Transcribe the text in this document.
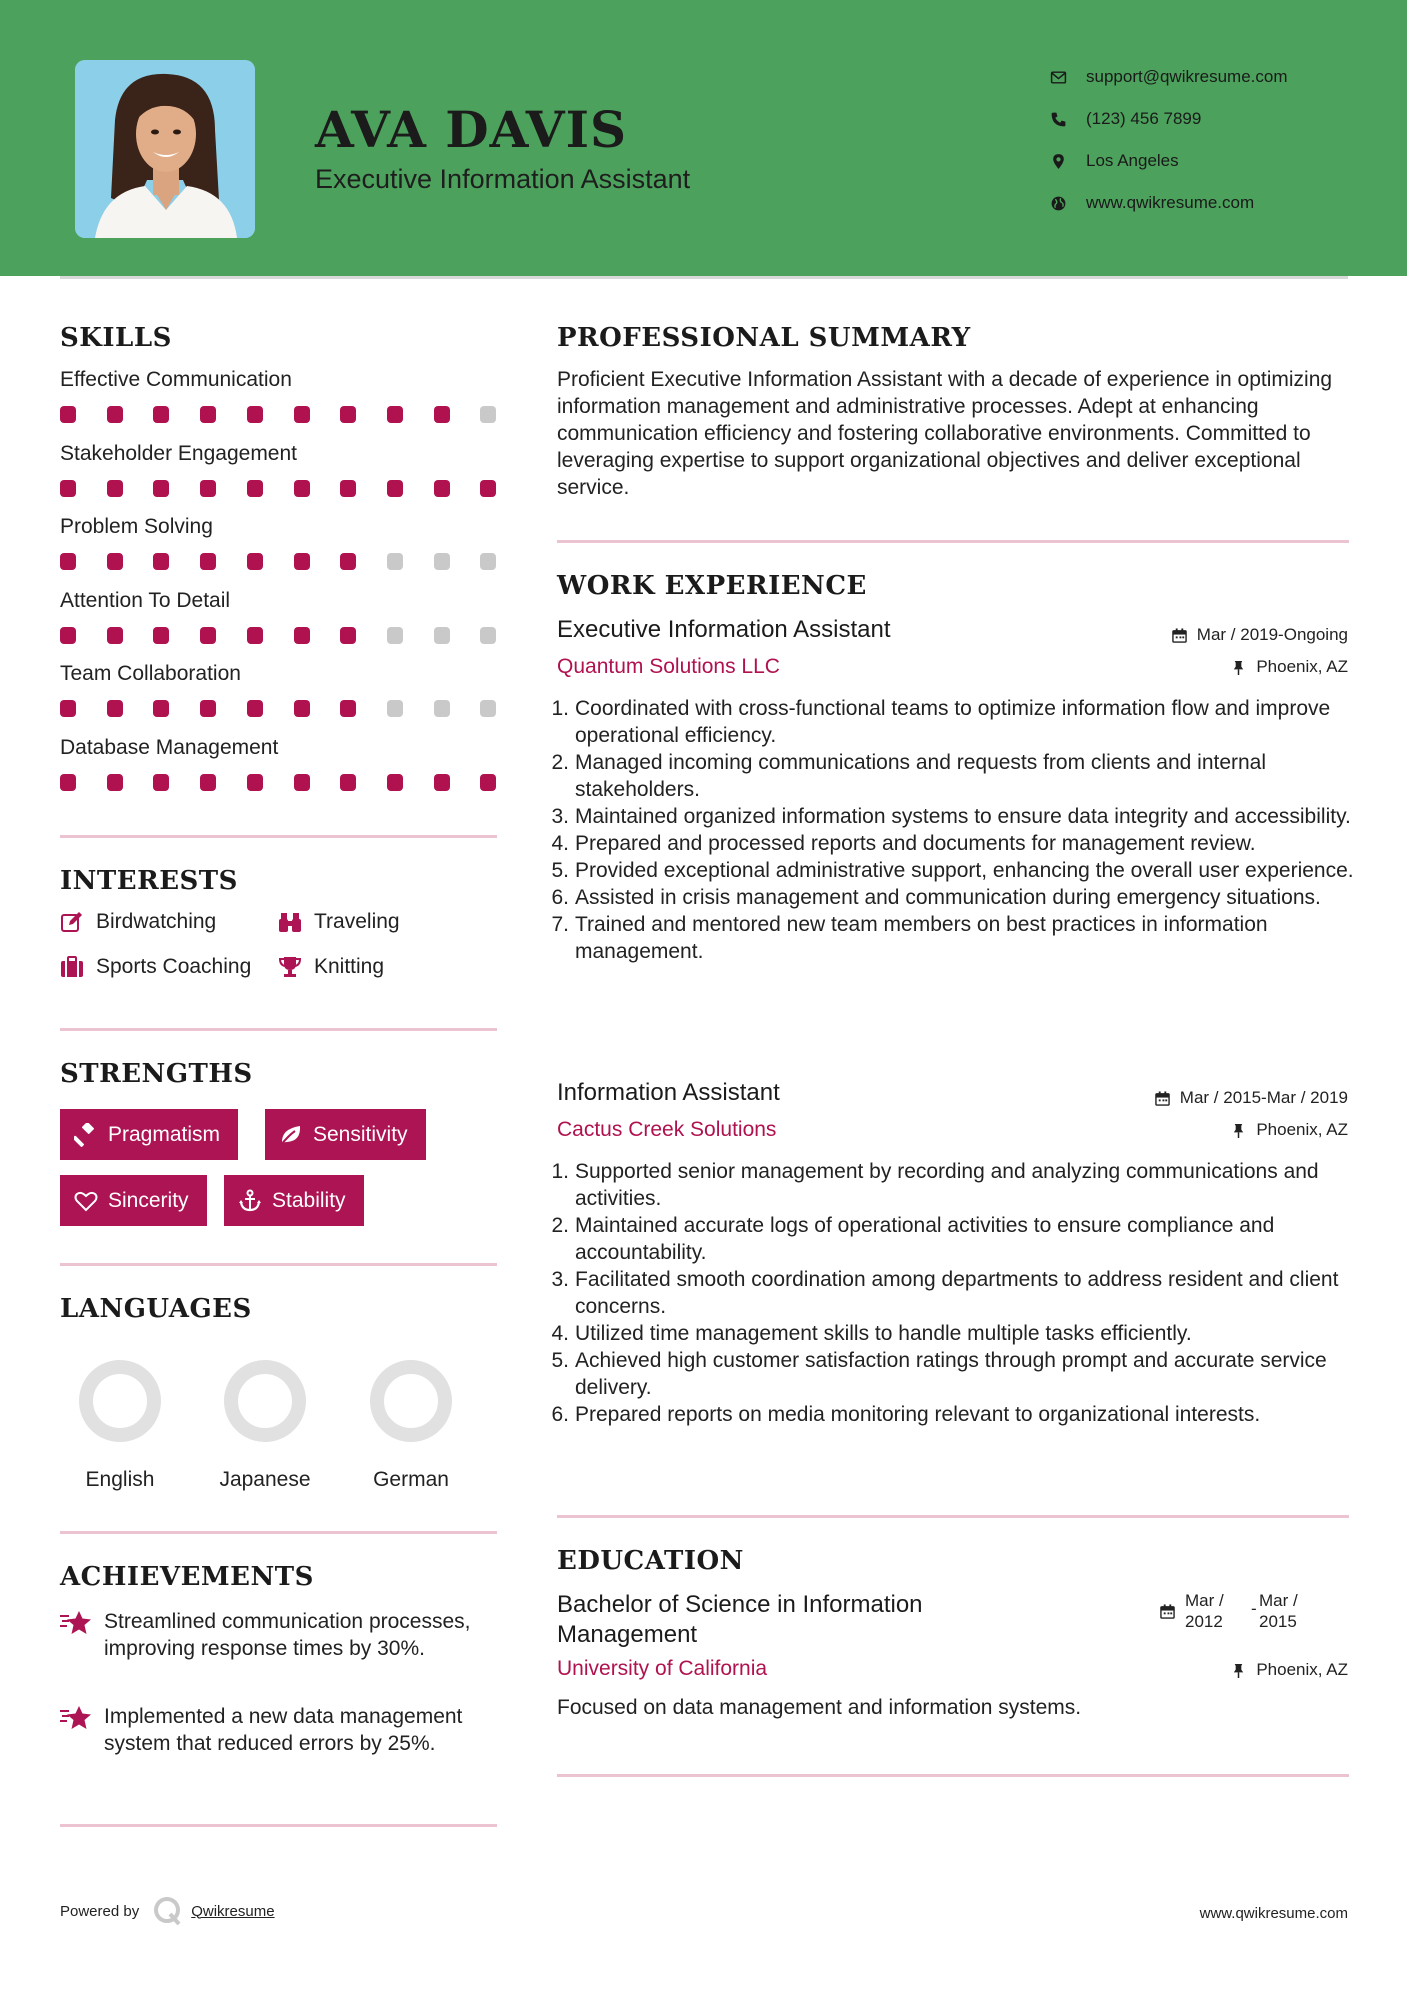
AVA DAVIS
Executive Information Assistant
support@qwikresume.com
(123) 456 7899
Los Angeles
www.qwikresume.com
SKILLS
Effective Communication
Stakeholder Engagement
Problem Solving
Attention To Detail
Team Collaboration
Database Management
INTERESTS
Birdwatching	Traveling
Sports Coaching	Knitting
STRENGTHS
Pragmatism	Sensitivity
Sincerity	Stability
LANGUAGES
English	Japanese	German
ACHIEVEMENTS
Streamlined communication processes, improving response times by 30%.
Implemented a new data management system that reduced errors by 25%.
PROFESSIONAL SUMMARY
Proficient Executive Information Assistant with a decade of experience in optimizing information management and administrative processes. Adept at enhancing communication efficiency and fostering collaborative environments. Committed to leveraging expertise to support organizational objectives and deliver exceptional service.
WORK EXPERIENCE
Executive Information Assistant	Mar / 2019-Ongoing
Quantum Solutions LLC	Phoenix, AZ
1. Coordinated with cross-functional teams to optimize information flow and improve operational efficiency.
2. Managed incoming communications and requests from clients and internal stakeholders.
3. Maintained organized information systems to ensure data integrity and accessibility.
4. Prepared and processed reports and documents for management review.
5. Provided exceptional administrative support, enhancing the overall user experience.
6. Assisted in crisis management and communication during emergency situations.
7. Trained and mentored new team members on best practices in information management.
Information Assistant	Mar / 2015-Mar / 2019
Cactus Creek Solutions	Phoenix, AZ
1. Supported senior management by recording and analyzing communications and activities.
2. Maintained accurate logs of operational activities to ensure compliance and accountability.
3. Facilitated smooth coordination among departments to address resident and client concerns.
4. Utilized time management skills to handle multiple tasks efficiently.
5. Achieved high customer satisfaction ratings through prompt and accurate service delivery.
6. Prepared reports on media monitoring relevant to organizational interests.
EDUCATION
Bachelor of Science in Information Management
Mar / 2012
- Mar / 2015
University of California	Phoenix, AZ
Focused on data management and information systems.
Powered by	Qwikresume	www.qwikresume.com
